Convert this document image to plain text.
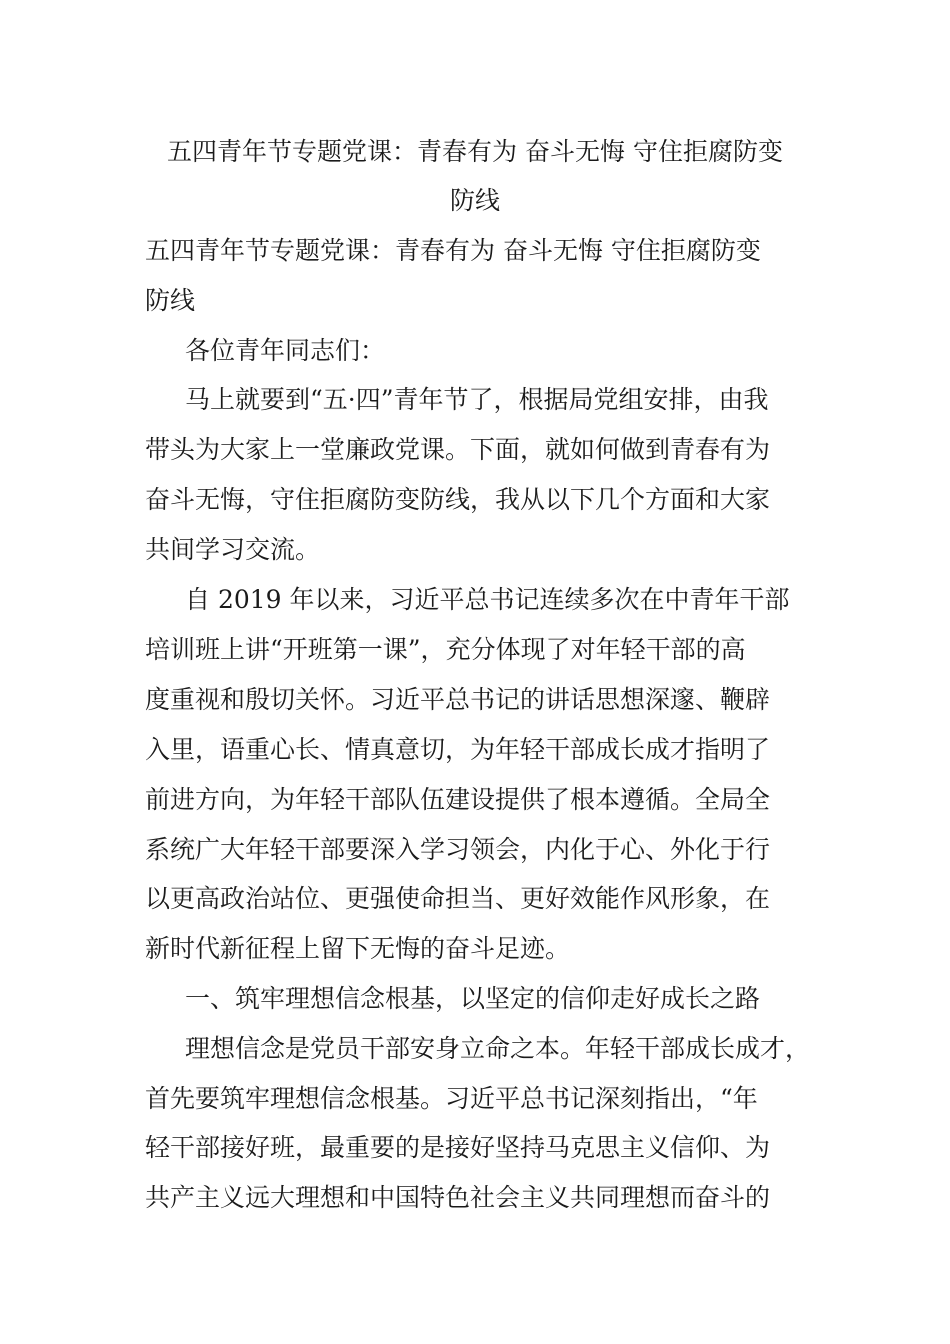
五四青年节专题党课：青春有为 奋斗无悔 守住拒腐防变
防线
五四青年节专题党课：青春有为 奋斗无悔 守住拒腐防变
防线
各位青年同志们：
马上就要到“五·四”青年节了，根据局党组安排，由我
带头为大家上一堂廉政党课。下面，就如何做到青春有为
奋斗无悔，守住拒腐防变防线，我从以下几个方面和大家
共间学习交流。
自 2019 年以来，习近平总书记连续多次在中青年干部
培训班上讲“开班第一课”，充分体现了对年轻干部的高
度重视和殷切关怀。习近平总书记的讲话思想深邃、鞭辟
入里，语重心长、情真意切，为年轻干部成长成才指明了
前进方向，为年轻干部队伍建设提供了根本遵循。全局全
系统广大年轻干部要深入学习领会，内化于心、外化于行
以更高政治站位、更强使命担当、更好效能作风形象，在
新时代新征程上留下无悔的奋斗足迹。
一、筑牢理想信念根基，以坚定的信仰走好成长之路
理想信念是党员干部安身立命之本。年轻干部成长成才，
首先要筑牢理想信念根基。习近平总书记深刻指出，“年
轻干部接好班，最重要的是接好坚持马克思主义信仰、为
共产主义远大理想和中国特色社会主义共同理想而奋斗的
